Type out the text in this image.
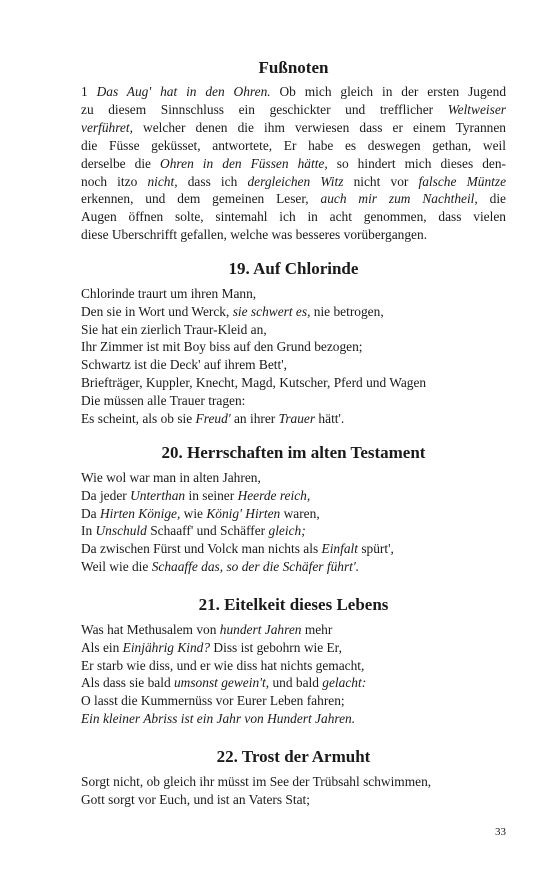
Fußnoten
1 Das Aug' hat in den Ohren. Ob mich gleich in der ersten Jugend
zu diesem Sinnschluss ein geschickter und trefflicher Weltweiser
verführet, welcher denen die ihm verwiesen dass er einem Tyrannen
die Füsse geküsset, antwortete, Er habe es deswegen gethan, weil
derselbe die Ohren in den Füssen hätte, so hindert mich dieses den-
noch itzo nicht, dass ich dergleichen Witz nicht vor falsche Müntze
erkennen, und dem gemeinen Leser, auch mir zum Nachtheil, die
Augen öffnen solte, sintemahl ich in acht genommen, dass vielen
diese Uberschrifft gefallen, welche was besseres vorübergangen.
19. Auf Chlorinde
Chlorinde traurt um ihren Mann,
Den sie in Wort und Werck, sie schwert es, nie betrogen,
Sie hat ein zierlich Traur-Kleid an,
Ihr Zimmer ist mit Boy biss auf den Grund bezogen;
Schwartz ist die Deck' auf ihrem Bett',
Briefträger, Kuppler, Knecht, Magd, Kutscher, Pferd und Wagen
Die müssen alle Trauer tragen:
Es scheint, als ob sie Freud' an ihrer Trauer hätt'.
20. Herrschaften im alten Testament
Wie wol war man in alten Jahren,
Da jeder Unterthan in seiner Heerde reich,
Da Hirten Könige, wie König' Hirten waren,
In Unschuld Schaaff' und Schäffer gleich;
Da zwischen Fürst und Volck man nichts als Einfalt spürt',
Weil wie die Schaaffe das, so der die Schäfer führt'.
21. Eitelkeit dieses Lebens
Was hat Methusalem von hundert Jahren mehr
Als ein Einjährig Kind? Diss ist gebohrn wie Er,
Er starb wie diss, und er wie diss hat nichts gemacht,
Als dass sie bald umsonst gewein't, und bald gelacht:
O lasst die Kummernüss vor Eurer Leben fahren;
Ein kleiner Abriss ist ein Jahr von Hundert Jahren.
22. Trost der Armuht
Sorgt nicht, ob gleich ihr müsst im See der Trübsahl schwimmen,
Gott sorgt vor Euch, und ist an Vaters Stat;
33
